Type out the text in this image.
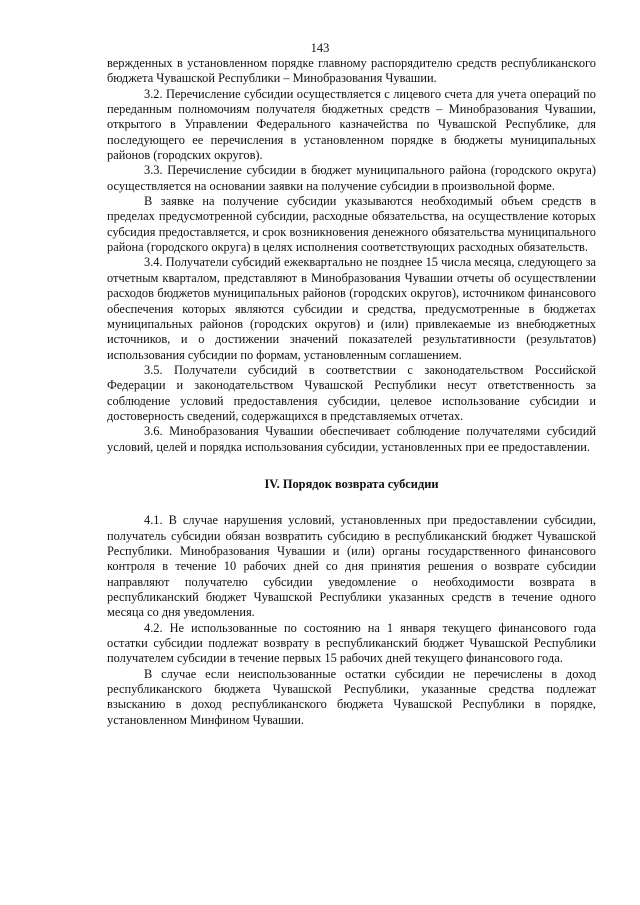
143

вержденных в установленном порядке главному распорядителю средств республиканского бюджета Чувашской Республики – Минобразования Чувашии.

3.2. Перечисление субсидии осуществляется с лицевого счета для учета операций по переданным полномочиям получателя бюджетных средств – Минобразования Чувашии, открытого в Управлении Федерального казначейства по Чувашской Республике, для последующего ее перечисления в установленном порядке в бюджеты муниципальных районов (городских округов).

3.3. Перечисление субсидии в бюджет муниципального района (городского округа) осуществляется на основании заявки на получение субсидии в произвольной форме.

В заявке на получение субсидии указываются необходимый объем средств в пределах предусмотренной субсидии, расходные обязательства, на осуществление которых субсидия предоставляется, и срок возникновения денежного обязательства муниципального района (городского округа) в целях исполнения соответствующих расходных обязательств.

3.4. Получатели субсидий ежеквартально не позднее 15 числа месяца, следующего за отчетным кварталом, представляют в Минобразования Чувашии отчеты об осуществлении расходов бюджетов муниципальных районов (городских округов), источником финансового обеспечения которых являются субсидии и средства, предусмотренные в бюджетах муниципальных районов (городских округов) и (или) привлекаемые из внебюджетных источников, и о достижении значений показателей результативности (результатов) использования субсидии по формам, установленным соглашением.

3.5. Получатели субсидий в соответствии с законодательством Российской Федерации и законодательством Чувашской Республики несут ответственность за соблюдение условий предоставления субсидии, целевое использование субсидии и достоверность сведений, содержащихся в представляемых отчетах.

3.6. Минобразования Чувашии обеспечивает соблюдение получателями субсидий условий, целей и порядка использования субсидии, установленных при ее предоставлении.

IV. Порядок возврата субсидии

4.1. В случае нарушения условий, установленных при предоставлении субсидии, получатель субсидии обязан возвратить субсидию в республиканский бюджет Чувашской Республики. Минобразования Чувашии и (или) органы государственного финансового контроля в течение 10 рабочих дней со дня принятия решения о возврате субсидии направляют получателю субсидии уведомление о необходимости возврата в республиканский бюджет Чувашской Республики указанных средств в течение одного месяца со дня уведомления.

4.2. Не использованные по состоянию на 1 января текущего финансового года остатки субсидии подлежат возврату в республиканский бюджет Чувашской Республики получателем субсидии в течение первых 15 рабочих дней текущего финансового года.

В случае если неиспользованные остатки субсидии не перечислены в доход республиканского бюджета Чувашской Республики, указанные средства подлежат взысканию в доход республиканского бюджета Чувашской Республики в порядке, установленном Минфином Чувашии.
